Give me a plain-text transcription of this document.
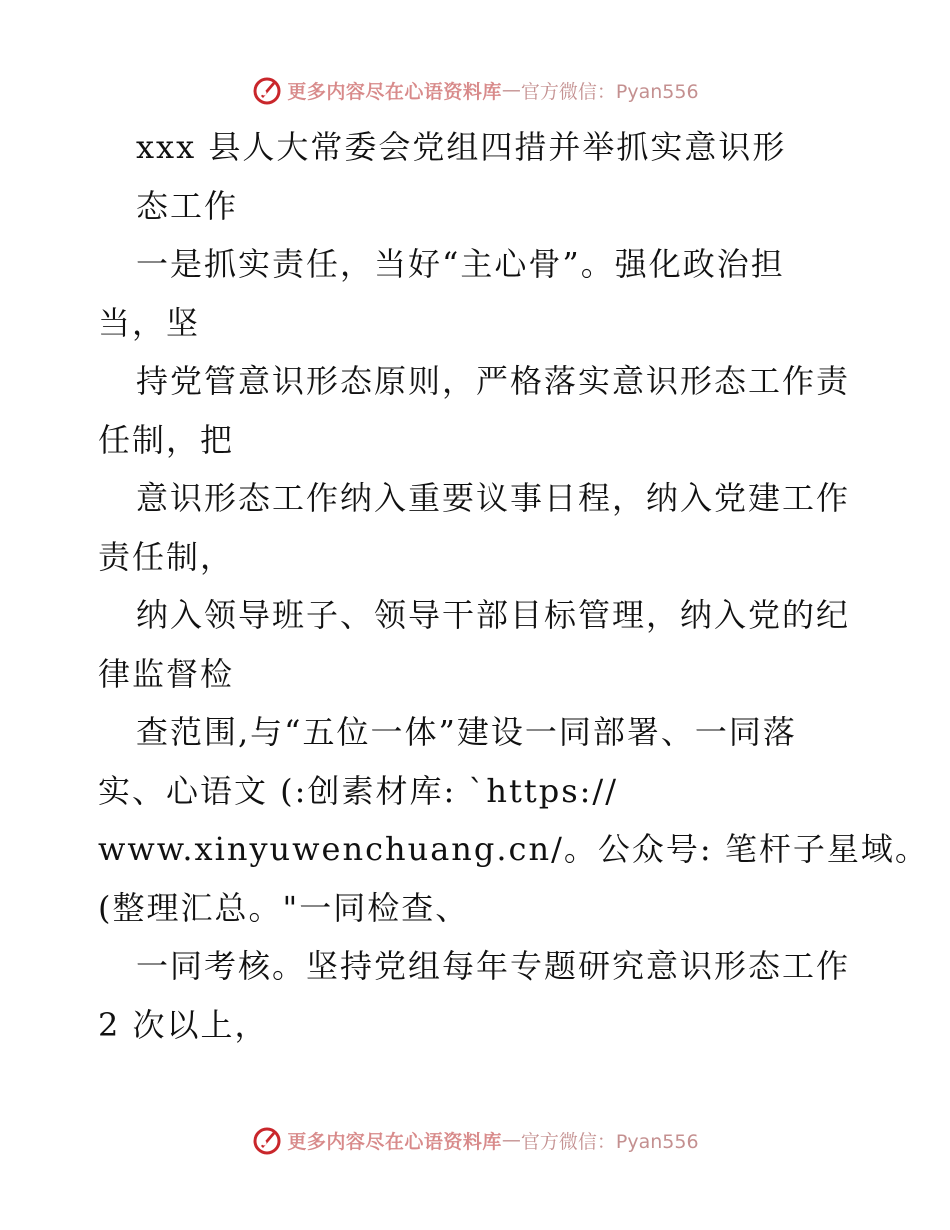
更多内容尽在心语资料库 — 官方微信：Pyan556
xxx 县人大常委会党组四措并举抓实意识形
态工作
一是抓实责任，当好“主心骨”。强化政治担
当，坚
持党管意识形态原则，严格落实意识形态工作责
任制，把
意识形态工作纳入重要议事日程，纳入党建工作
责任制，
纳入领导班子、领导干部目标管理，纳入党的纪
律监督检
查范围,与“五位一体”建设一同部署、一同落
实、心语文 (:创素材库: `https://
www.xinyuwenchuang.cn/。公众号: 笔杆子星域。
(整理汇总。"一同检查、
一同考核。坚持党组每年专题研究意识形态工作
2 次以上，
更多内容尽在心语资料库 — 官方微信：Pyan556
